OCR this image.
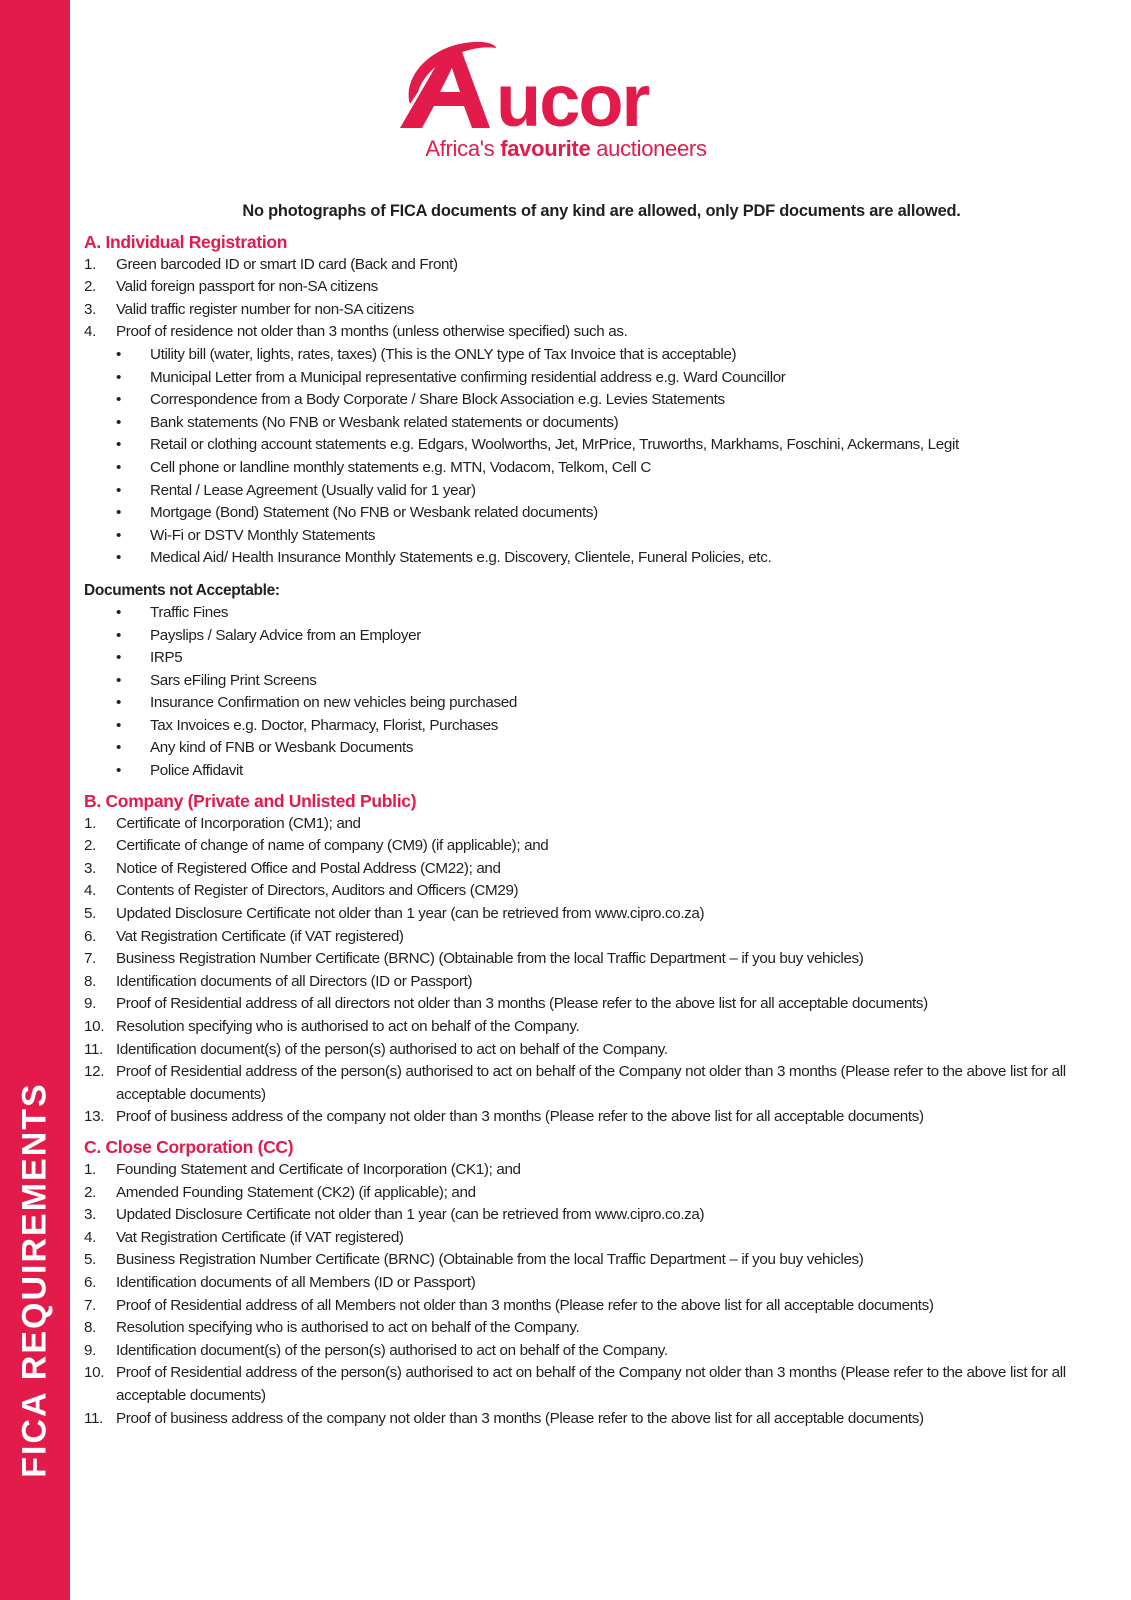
FICA REQUIREMENTS
ucor
Africa's favourite auctioneers
No photographs of FICA documents of any kind are allowed, only PDF documents are allowed.
A. Individual Registration
1.	Green barcoded ID or smart ID card (Back and Front)
2.	Valid foreign passport for non-SA citizens
3.	Valid traffic register number for non-SA citizens
4.	Proof of residence not older than 3 months (unless otherwise specified) such as.
•	Utility bill (water, lights, rates, taxes) (This is the ONLY type of Tax Invoice that is acceptable)
•	Municipal Letter from a Municipal representative confirming residential address e.g. Ward Councillor
•	Correspondence from a Body Corporate / Share Block Association e.g. Levies Statements
•	Bank statements (No FNB or Wesbank related statements or documents)
•	Retail or clothing account statements e.g. Edgars, Woolworths, Jet, MrPrice, Truworths, Markhams, Foschini, Ackermans, Legit
•	Cell phone or landline monthly statements e.g. MTN, Vodacom, Telkom, Cell C
•	Rental / Lease Agreement (Usually valid for 1 year)
•	Mortgage (Bond) Statement (No FNB or Wesbank related documents)
•	Wi-Fi or DSTV Monthly Statements
•	Medical Aid/ Health Insurance Monthly Statements e.g. Discovery, Clientele, Funeral Policies, etc.
Documents not Acceptable:
•	Traffic Fines
•	Payslips / Salary Advice from an Employer
•	IRP5
•	Sars eFiling Print Screens
•	Insurance Confirmation on new vehicles being purchased
•	Tax Invoices e.g. Doctor, Pharmacy, Florist, Purchases
•	Any kind of FNB or Wesbank Documents
•	Police Affidavit
B. Company (Private and Unlisted Public)
1.	Certificate of Incorporation (CM1); and
2.	Certificate of change of name of company (CM9) (if applicable); and
3.	Notice of Registered Office and Postal Address (CM22); and
4.	Contents of Register of Directors, Auditors and Officers (CM29)
5.	Updated Disclosure Certificate not older than 1 year (can be retrieved from www.cipro.co.za)
6.	Vat Registration Certificate (if VAT registered)
7.	Business Registration Number Certificate (BRNC) (Obtainable from the local Traffic Department – if you buy vehicles)
8.	Identification documents of all Directors (ID or Passport)
9.	Proof of Residential address of all directors not older than 3 months (Please refer to the above list for all acceptable documents)
10. Resolution specifying who is authorised to act on behalf of the Company.
11. Identification document(s) of the person(s) authorised to act on behalf of the Company.
12. Proof of Residential address of the person(s) authorised to act on behalf of the Company not older than 3 months (Please refer to the above list for all acceptable documents)
13. Proof of business address of the company not older than 3 months (Please refer to the above list for all acceptable documents)
C. Close Corporation (CC)
1.	Founding Statement and Certificate of Incorporation (CK1); and
2.	Amended Founding Statement (CK2) (if applicable); and
3.	Updated Disclosure Certificate not older than 1 year (can be retrieved from www.cipro.co.za)
4.	Vat Registration Certificate (if VAT registered)
5.	Business Registration Number Certificate (BRNC) (Obtainable from the local Traffic Department – if you buy vehicles)
6.	Identification documents of all Members (ID or Passport)
7.	Proof of Residential address of all Members not older than 3 months (Please refer to the above list for all acceptable documents)
8.	Resolution specifying who is authorised to act on behalf of the Company.
9.	Identification document(s) of the person(s) authorised to act on behalf of the Company.
10. Proof of Residential address of the person(s) authorised to act on behalf of the Company not older than 3 months (Please refer to the above list for all acceptable documents)
11. Proof of business address of the company not older than 3 months (Please refer to the above list for all acceptable documents)
